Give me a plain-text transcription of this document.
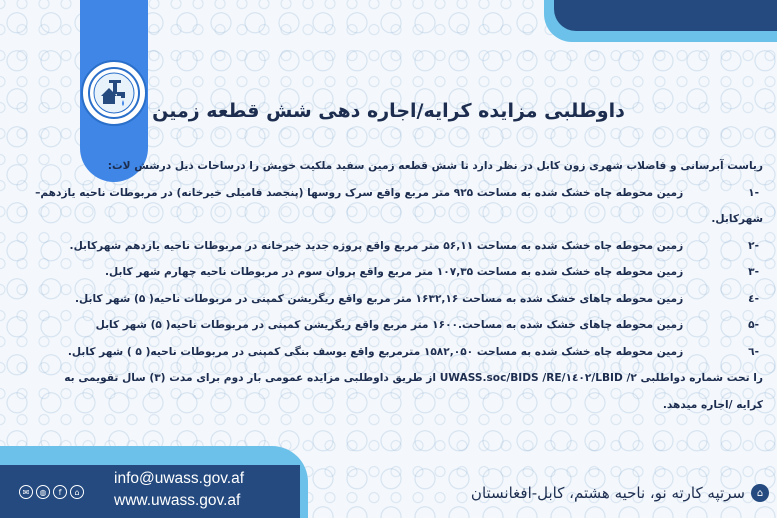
داوطلبی مزایده کرایه/اجاره دهی شش قطعه زمین
ریاست آبرسانی و فاضلاب شهری زون کابل در نظر دارد تا شش قطعه زمین سفید ملکیت خویش را درساحات ذیل درشش لات:
-۱   زمین محوطه چاه خشک شده به مساحت ۹۲۵ متر مربع واقع سرک روسها (پنجصد فامیلی خیرخانه) در مربوطات ناحیه یازدهم–
شهرکابل.
-۲   زمین محوطه چاه خشک شده به مساحت ۵۶,۱۱ متر مربع واقع پروژه جدید خیرخانه در مربوطات ناحیه یازدهم شهرکابل.
-۳   زمین محوطه چاه خشک شده به مساحت ۱۰۷,۳۵ متر مربع واقع پروان سوم در مربوطات ناحیه چهارم شهر کابل.
-٤   زمین محوطه چاهای خشک شده به مساحت ۱۶۳۲,۱۶ متر مربع واقع ریگریشن کمپنی در مربوطات ناحیه( ۵) شهر کابل.
-۵   زمین محوطه چاهای خشک شده به مساحت.۱۶۰۰ متر مربع واقع ریگریشن کمپنی در مربوطات ناحیه( ۵) شهر کابل
-٦   زمین محوطه چاه خشک شده به مساحت ۱۵۸۲,۰۵۰ مترمربع واقع یوسف بنگی کمپنی در مربوطات ناحیه( ۵ ) شهر کابل.
را تحت شماره دواطلبی UWASS.soc/BIDS /RE/۱٤۰۲/LBID /۲ از طریق داوطلبی مزایده عمومی بار دوم برای مدت (۳) سال تقویمی به
کرایه /اجاره میدهد.
✉	◍	f	⌂
info@uwass.gov.af
www.uwass.gov.af	⌂
سرتپه کارته نو، ناحیه هشتم، کابل-افغانستان
